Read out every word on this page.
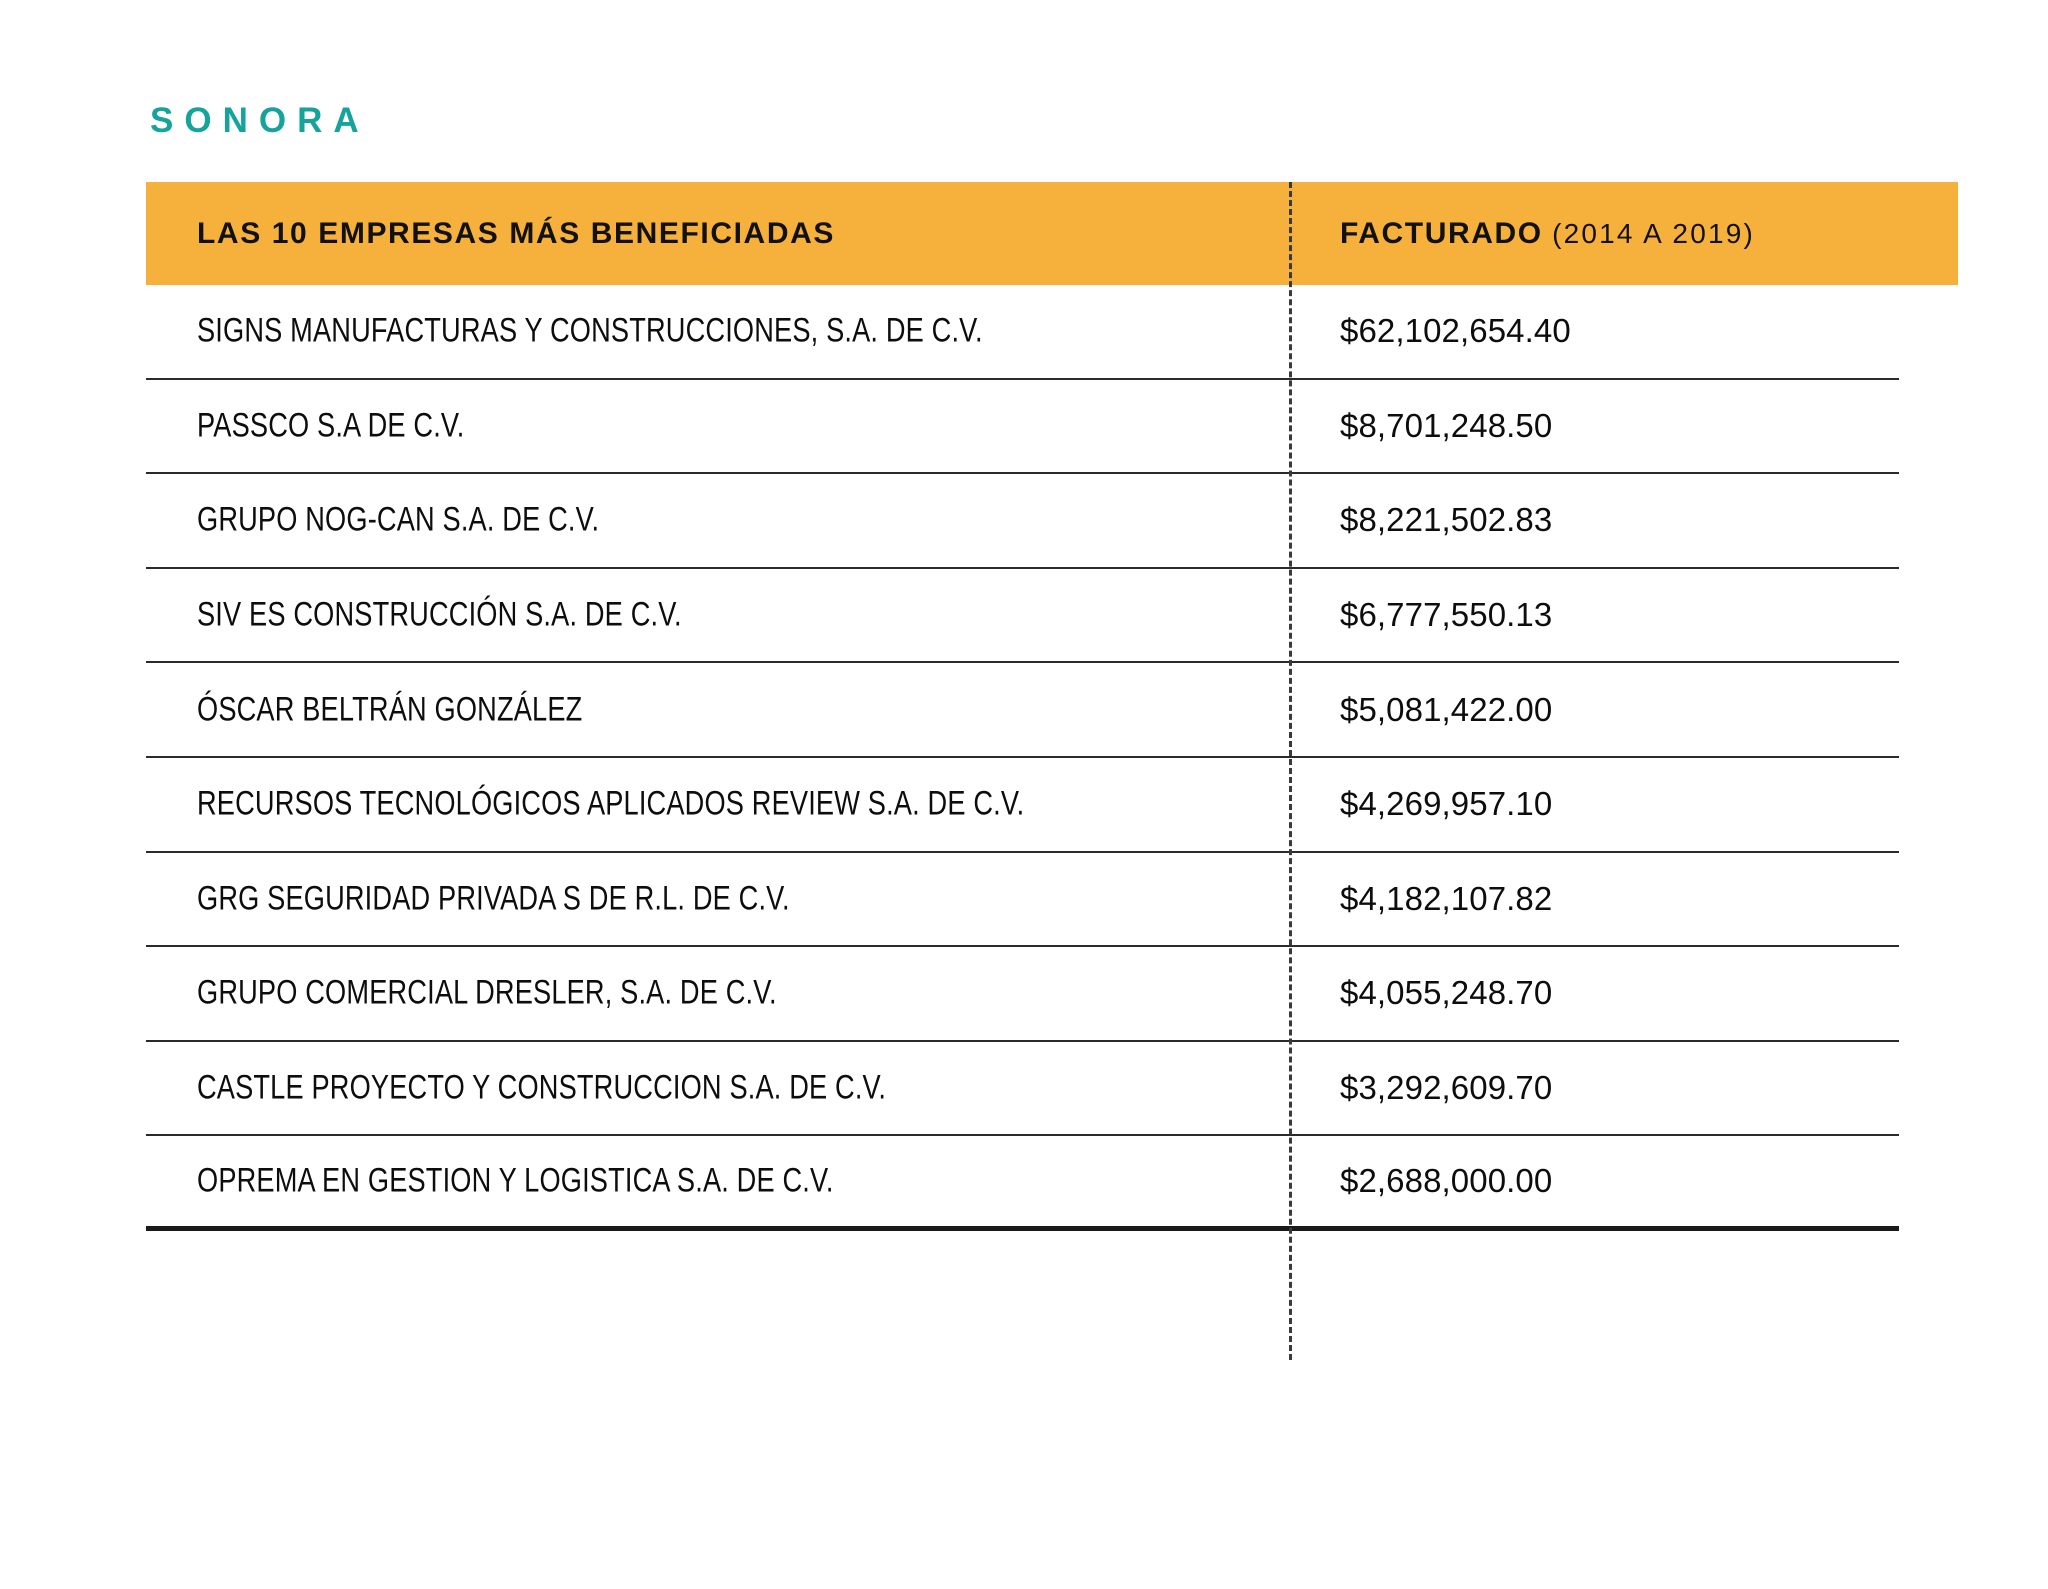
SONORA
LAS 10 EMPRESAS MÁS BENEFICIADAS	FACTURADO (2014 A 2019)
SIGNS MANUFACTURAS Y CONSTRUCCIONES, S.A. DE C.V.	$62,102,654.40
PASSCO S.A DE C.V.	$8,701,248.50
GRUPO NOG-CAN S.A. DE C.V.	$8,221,502.83
SIV ES CONSTRUCCIÓN S.A. DE C.V.	$6,777,550.13
ÓSCAR BELTRÁN GONZÁLEZ	$5,081,422.00
RECURSOS TECNOLÓGICOS APLICADOS REVIEW S.A. DE C.V.	$4,269,957.10
GRG SEGURIDAD PRIVADA S DE R.L. DE C.V.	$4,182,107.82
GRUPO COMERCIAL DRESLER, S.A. DE C.V.	$4,055,248.70
CASTLE PROYECTO Y CONSTRUCCION S.A. DE C.V.	$3,292,609.70
OPREMA EN GESTION Y LOGISTICA S.A. DE C.V.	$2,688,000.00
